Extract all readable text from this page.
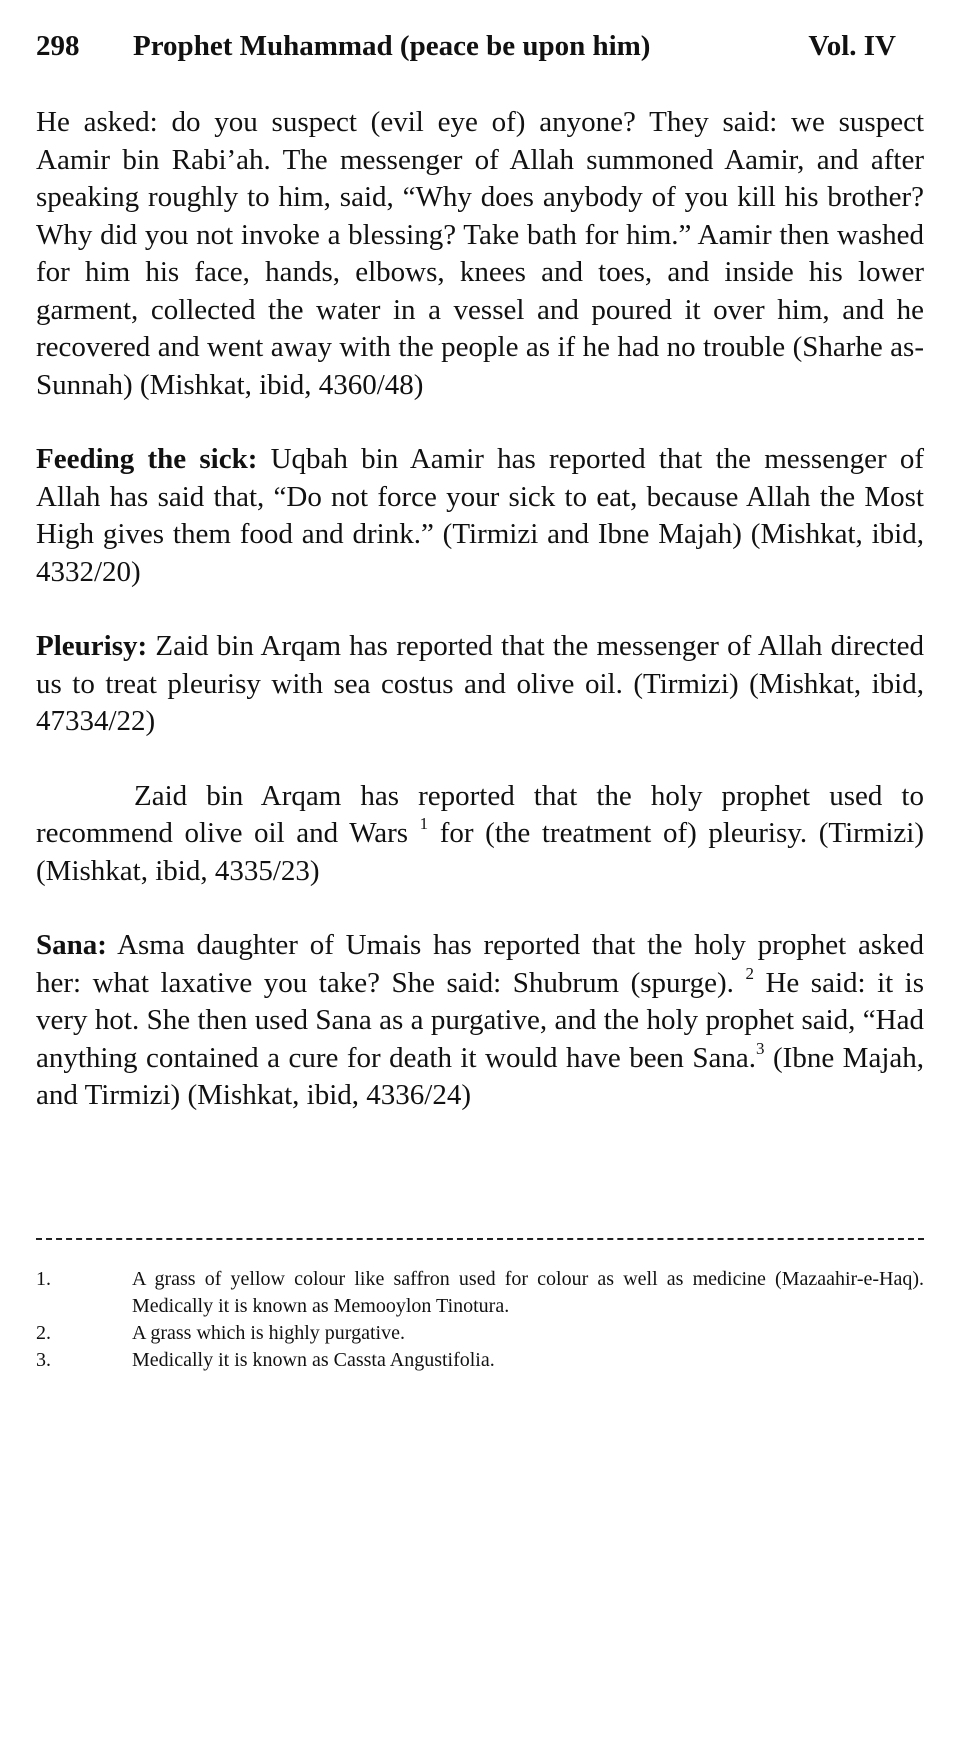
298 Prophet Muhammad (peace be upon him)	Vol. IV

He asked: do you suspect (evil eye of) anyone? They said: we suspect Aamir bin Rabi’ah. The messenger of Allah summoned Aamir, and after speaking roughly to him, said, “Why does anybody of you kill his brother? Why did you not invoke a blessing? Take bath for him.” Aamir then washed for him his face, hands, elbows, knees and toes, and inside his lower garment, collected the water in a vessel and poured it over him, and he recovered and went away with the people as if he had no trouble (Sharhe as-Sunnah) (Mishkat, ibid, 4360/48)

Feeding the sick: Uqbah bin Aamir has reported that the messenger of Allah has said that, “Do not force your sick to eat, because Allah the Most High gives them food and drink.” (Tirmizi and Ibne Majah) (Mishkat, ibid, 4332/20)

Pleurisy: Zaid bin Arqam has reported that the messenger of Allah directed us to treat pleurisy with sea costus and olive oil. (Tirmizi) (Mishkat, ibid, 47334/22)

Zaid bin Arqam has reported that the holy prophet used to recommend olive oil and Wars $^1$ for (the treatment of) pleurisy. (Tirmizi) (Mishkat, ibid, 4335/23)

Sana: Asma daughter of Umais has reported that the holy prophet asked her: what laxative you take? She said: Shubrum (spurge). $^2$ He said: it is very hot. She then used Sana as a purgative, and the holy prophet said, “Had anything contained a cure for death it would have been Sana.$^3$ (Ibne Majah, and Tirmizi) (Mishkat, ibid, 4336/24)

1.	A grass of yellow colour like saffron used for colour as well as medicine (Mazaahir-e-Haq). Medically it is known as Memooylon Tinotura.
2.	A grass which is highly purgative.
3.	Medically it is known as Cassta Angustifolia.
